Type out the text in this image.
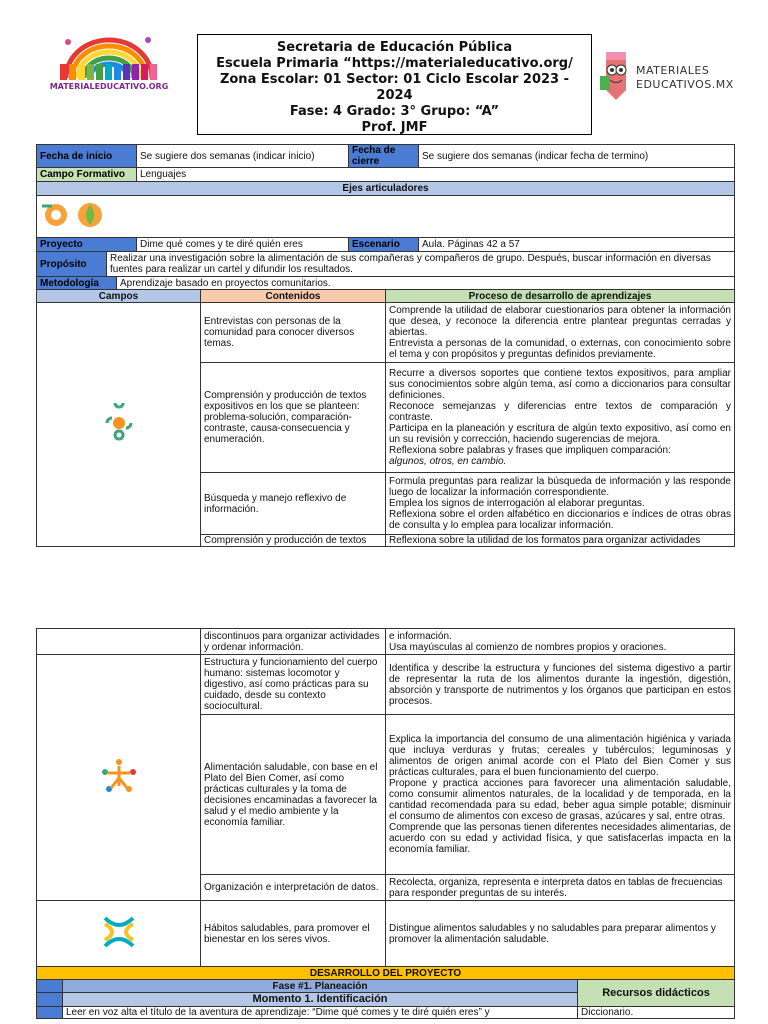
MATERIALEDUCATIVO.ORG
Secretaria de Educación Pública
Escuela Primaria “https://materialeducativo.org/
Zona Escolar: 01 Sector: 01 Ciclo Escolar 2023 -
2024
Fase: 4 Grado: 3° Grupo: “A”
Prof. JMF
MATERIALES
EDUCATIVOS.MX
Fecha de inicio	Se sugiere dos semanas (indicar inicio)	Fecha de cierre	Se sugiere dos semanas (indicar fecha de termino)
Campo Formativo	Lenguajes		
Ejes articuladores			

Proyecto	Dime qué comes y te diré quién eres	Escenario	Aula. Páginas 42 a 57
Propósito	Realizar una investigación sobre la alimentación de sus compañeras y compañeros de grupo. Después, buscar información en diversas fuentes para realizar un cartel y difundir los resultados.
Metodología	Aprendizaje basado en proyectos comunitarios.
Campos	Contenidos	Proceso de desarrollo de aprendizajes
	Entrevistas con personas de la comunidad para conocer diversos temas.	Comprende la utilidad de elaborar cuestionarios para obtener la información que desea, y reconoce la diferencia entre plantear preguntas cerradas y abiertas.
Entrevista a personas de la comunidad, o externas, con conocimiento sobre el tema y con propósitos y preguntas definidos previamente.

	Comprensión y producción de textos expositivos en los que se planteen: problema-solución, comparación-contraste, causa-consecuencia y enumeración.	Recurre a diversos soportes que contiene textos expositivos, para ampliar sus conocimientos sobre algún tema, así como a diccionarios para consultar definiciones.
Reconoce semejanzas y diferencias entre textos de comparación y contraste.
Participa en la planeación y escritura de algún texto expositivo, así como en un su revisión y corrección, haciendo sugerencias de mejora.
Reflexiona sobre palabras y frases que impliquen comparación:
algunos, otros, en cambio.

	Búsqueda y manejo reflexivo de información.	Formula preguntas para realizar la búsqueda de información y las responde luego de localizar la información correspondiente.
Emplea los signos de interrogación al elaborar preguntas.
Reflexiona sobre el orden alfabético en diccionarios e índices de otras obras de consulta y lo emplea para localizar información.

	Comprensión y producción de textos	Reflexiona sobre la utilidad de los formatos para organizar actividades
	discontinuos para organizar actividades y ordenar información.	e información.
Usa mayúsculas al comienzo de nombres propios y oraciones.

	Estructura y funcionamiento del cuerpo humano: sistemas locomotor y digestivo, así como prácticas para su cuidado, desde su contexto sociocultural.	Identifica y describe la estructura y funciones del sistema digestivo a partir de representar la ruta de los alimentos durante la ingestión, digestión, absorción y transporte de nutrimentos y los órganos que participan en estos procesos.
	Alimentación saludable, con base en el Plato del Bien Comer, así como prácticas culturales y la toma de decisiones encaminadas a favorecer la salud y el medio ambiente y la economía familiar.	Explica la importancia del consumo de una alimentación higiénica y variada que incluya verduras y frutas; cereales y tubérculos; leguminosas y alimentos de origen animal acorde con el Plato del Bien Comer y sus prácticas culturales, para el buen funcionamiento del cuerpo.
Propone y practica acciones para favorecer una alimentación saludable, como consumir alimentos naturales, de la localidad y de temporada, en la cantidad recomendada para su edad, beber agua simple potable; disminuir el consumo de alimentos con exceso de grasas, azúcares y sal, entre otras.
Comprende que las personas tienen diferentes necesidades alimentarias, de acuerdo con su edad y actividad física, y que satisfacerlas impacta en la economía familiar.

	Organización e interpretación de datos.	Recolecta, organiza, representa e interpreta datos en tablas de frecuencias para responder preguntas de su interés.
	Hábitos saludables, para promover el bienestar en los seres vivos.	Distingue alimentos saludables y no saludables para preparar alimentos y promover la alimentación saludable.
DESARROLLO DEL PROYECTO		
	Fase #1. Planeación	Recursos didácticos
	Momento 1. Identificación	
	Leer en voz alta el título de la aventura de aprendizaje: “Dime qué comes y te diré quién eres” y	Diccionario.
